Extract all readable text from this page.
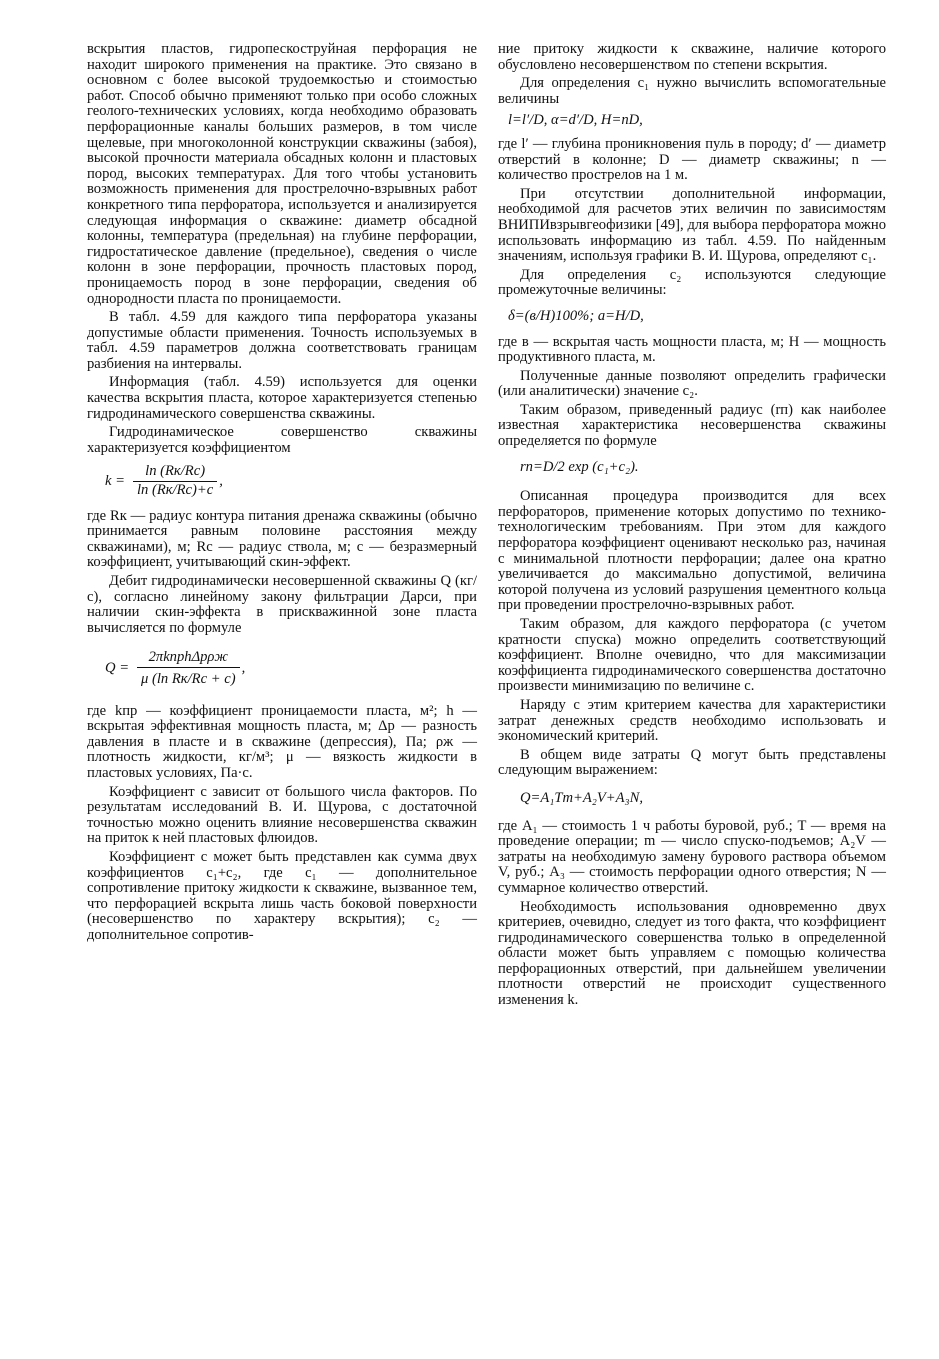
вскрытия пластов, гидропескоструйная перфорация не находит широкого применения на практике. Это связано в основном с более высокой трудоемкостью и стоимостью работ. Способ обычно применяют только при особо сложных геолого-технических условиях, когда необходимо образовать перфорационные каналы больших размеров, в том числе щелевые, при многоколонной конструкции скважины (забоя), высокой прочности материала обсадных колонн и пластовых пород, высоких температурах. Для того чтобы установить возможность применения для прострелочно-взрывных работ конкретного типа перфоратора, используется и анализируется следующая информация о скважине: диаметр обсадной колонны, температура (предельная) на глубине перфорации, гидростатическое давление (предельное), сведения о числе колонн в зоне перфорации, прочность пластовых пород, проницаемость пород в зоне перфорации, сведения об однородности пласта по проницаемости.

В табл. 4.59 для каждого типа перфоратора указаны допустимые области применения. Точность используемых в табл. 4.59 параметров должна соответствовать границам разбиения на интервалы.

Информация (табл. 4.59) используется для оценки качества вскрытия пласта, которое характеризуется степенью гидродинамического совершенства скважины.

Гидродинамическое совершенство скважины характеризуется коэффициентом

$k = \frac{\ln (Rк/Rс)}{\ln (Rк/Rс)+c}$ ,

где Rк — радиус контура питания дренажа скважины (обычно принимается равным половине расстояния между скважинами), м; Rс — радиус ствола, м; c — безразмерный коэффициент, учитывающий скин-эффект.

Дебит гидродинамически несовершенной скважины Q (кг/с), согласно линейному закону фильтрации Дарси, при наличии скин-эффекта в прискважинной зоне пласта вычисляется по формуле

$Q = \frac{\text{2πkпрhΔpρж}}{\text{μ (ln Rк/Rс + c)}}$ ,

где kпр — коэффициент проницаемости пласта, м²; h — вскрытая эффективная мощность пласта, м; Δp — разность давления в пласте и в скважине (депрессия), Па; ρж — плотность жидкости, кг/м³; μ — вязкость жидкости в пластовых условиях, Па·с.

Коэффициент c зависит от большого числа факторов. По результатам исследований В. И. Щурова, с достаточной точностью можно оценить влияние несовершенства скважин на приток к ней пластовых флюидов.

Коэффициент c может быть представлен как сумма двух коэффициентов c₁+c₂, где c₁ — дополнительное сопротивление притоку жидкости к скважине, вызванное тем, что перфорацией вскрыта лишь часть боковой поверхности (несовершенство по характеру вскрытия); c₂ — дополнительное сопротив-

ние притоку жидкости к скважине, наличие которого обусловлено несовершенством по степени вскрытия.

Для определения c₁ нужно вычислить вспомогательные величины

l=l′/D, α=d′/D, H=nD,

где l′ — глубина проникновения пуль в породу; d′ — диаметр отверстий в колонне; D — диаметр скважины; n — количество прострелов на 1 м.

При отсутствии дополнительной информации, необходимой для расчетов этих величин по зависимостям ВНИПИвзрывгеофизики [49], для выбора перфоратора можно использовать информацию из табл. 4.59. По найденным значениям, используя графики В. И. Щурова, определяют c₁.

Для определения c₂ используются следующие промежуточные величины:

δ=(в/H)100%; a=H/D,

где в — вскрытая часть мощности пласта, м; H — мощность продуктивного пласта, м.

Полученные данные позволяют определить графически (или аналитически) значение c₂.

Таким образом, приведенный радиус (rп) как наиболее известная характеристика несовершенства скважины определяется по формуле

rп=D/2 exp (c₁+c₂).

Описанная процедура производится для всех перфораторов, применение которых допустимо по технико-технологическим требованиям. При этом для каждого перфоратора коэффициент оценивают несколько раз, начиная с минимальной плотности перфорации; далее она кратно увеличивается до максимально допустимой, величина которой получена из условий разрушения цементного кольца при проведении прострелочно-взрывных работ.

Таким образом, для каждого перфоратора (с учетом кратности спуска) можно определить соответствующий коэффициент. Вполне очевидно, что для максимизации коэффициента гидродинамического совершенства достаточно произвести минимизацию по величине c.

Наряду с этим критерием качества для характеристики затрат денежных средств необходимо использовать и экономический критерий.

В общем виде затраты Q могут быть представлены следующим выражением:

Q=A₁Tm+A₂V+A₃N,

где A₁ — стоимость 1 ч работы буровой, руб.; T — время на проведение операции; m — число спуско-подъемов; A₂V — затраты на необходимую замену бурового раствора объемом V, руб.; A₃ — стоимость перфорации одного отверстия; N — суммарное количество отверстий.

Необходимость использования одновременно двух критериев, очевидно, следует из того факта, что коэффициент гидродинамического совершенства только в определенной области может быть управляем с помощью количества перфорационных отверстий, при дальнейшем увеличении плотности отверстий не происходит существенного изменения k.
